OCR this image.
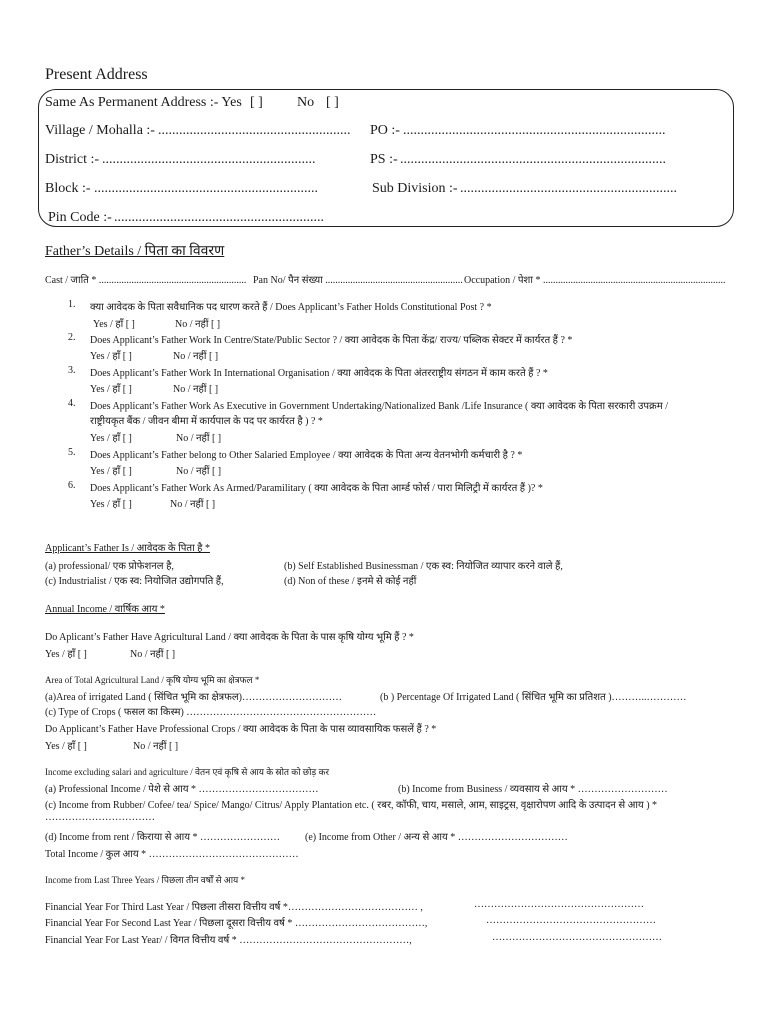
Present Address
Same As Permanent Address :- Yes [ ] No [ ]
Village / Mohalla :- ....................................................... PO :- ...........................................................................
District :- .............................................................	PS :- ............................................................................
Block :- ................................................................	Sub Division :- ..............................................................
Pin Code :- ............................................................
Father’s Details / पिता का विवरण
Cast / जाति * ........................................................... Pan No/ पैन संख्या ....................................................... Occupation / पेशा * .........................................................................
1. क्या आवेदक के पिता सवैधानिक पद धारण करते हैं / Does Applicant’s Father Holds Constitutional Post ? *
Yes / हाँ [ ]	No / नहीं [ ]
2. Does Applicant’s Father Work In Centre/State/Public Sector ? / क्या आवेदक के पिता केंद्र/ राज्य/ पब्लिक सेक्टर में कार्यरत हैं ? *
Yes / हाँ [ ]	No / नहीं [ ]
3. Does Applicant’s Father Work In International Organisation / क्या आवेदक के पिता अंतरराष्ट्रीय संगठन में काम करते हैं ? *
Yes / हाँ [ ]	No / नहीं [ ]
4. Does Applicant’s Father Work As Executive in Government Undertaking/Nationalized Bank /Life Insurance ( क्या आवेदक के पिता सरकारी उपक्रम /
राष्ट्रीयकृत बैंक / जीवन बीमा में कार्यपाल के पद पर कार्यरत है ) ? *
Yes / हाँ [ ]	No / नहीं [ ]
5. Does Applicant’s Father belong to Other Salaried Employee / क्या आवेदक के पिता अन्य वेतनभोगी कर्मचारी है ? *
Yes / हाँ [ ]	No / नहीं [ ]
6. Does Applicant’s Father Work As Armed/Paramilitary ( क्या आवेदक के पिता आर्म्ड फोर्स / पारा मिलिट्री में कार्यरत हैं )? *
Yes / हाँ [ ]	No / नहीं [ ]
Applicant’s Father Is / आवेदक के पिता है *
(a) professional/ एक प्रोफेशनल है,	(b) Self Established Businessman / एक स्व: नियोजित व्यापार करने वाले हैं,
(c) Industrialist / एक स्व: नियोजित उद्योगपति हैं,	(d) Non of these / इनमे से कोई नहीं
Annual Income / वार्षिक आय *
Do Aplicant’s Father Have Agricultural Land / क्या आवेदक के पिता के पास कृषि योग्य भूमि हैं ? *
Yes / हाँ [ ]	No / नहीं [ ]
Area of Total Agricultural Land / कृषि योग्य भूमि का क्षेत्रफल *
(a)Area of irrigated Land ( सिंचित भूमि का क्षेत्रफल)…………………………	(b ) Percentage Of Irrigated Land ( सिंचित भूमि का प्रतिशत )………..…………
(c) Type of Crops ( फसल का किस्म) …………………………………………………
Do Applicant’s Father Have Professional Crops / क्या आवेदक के पिता के पास व्यावसायिक फसलें हैं ? *
Yes / हाँ [ ]	No / नहीं [ ]
Income excluding salari and agriculture / वेतन एवं कृषि से आय के स्रोत को छोड़ कर
(a) Professional Income / पेशे से आय * ………………………………	(b) Income from Business / व्यवसाय से आय * ………………………
(c) Income from Rubber/ Cofee/ tea/ Spice/ Mango/ Citrus/ Apply Plantation etc. ( रबर, कॉफी, चाय, मसाले, आम, साइट्रस, वृक्षारोपण आदि के उत्पादन से आय ) *
……………………………
(d) Income from rent / किराया से आय * …………………… (e) Income from Other / अन्य से आय * ……………………………
Total Income / कुल आय * ………………………………………
Income from Last Three Years / पिछला तीन वर्षों से आय *
Financial Year For Third Last Year / पिछला तीसरा वित्तीय वर्ष *………………………………… ,	……………………………………………
Financial Year For Second Last Year / पिछला दूसरा वित्तीय वर्ष * …………………………………,	……………………………………………
Financial Year For Last Year/ / विगत वित्तीय वर्ष * ……………………………………………,	……………………………………………
